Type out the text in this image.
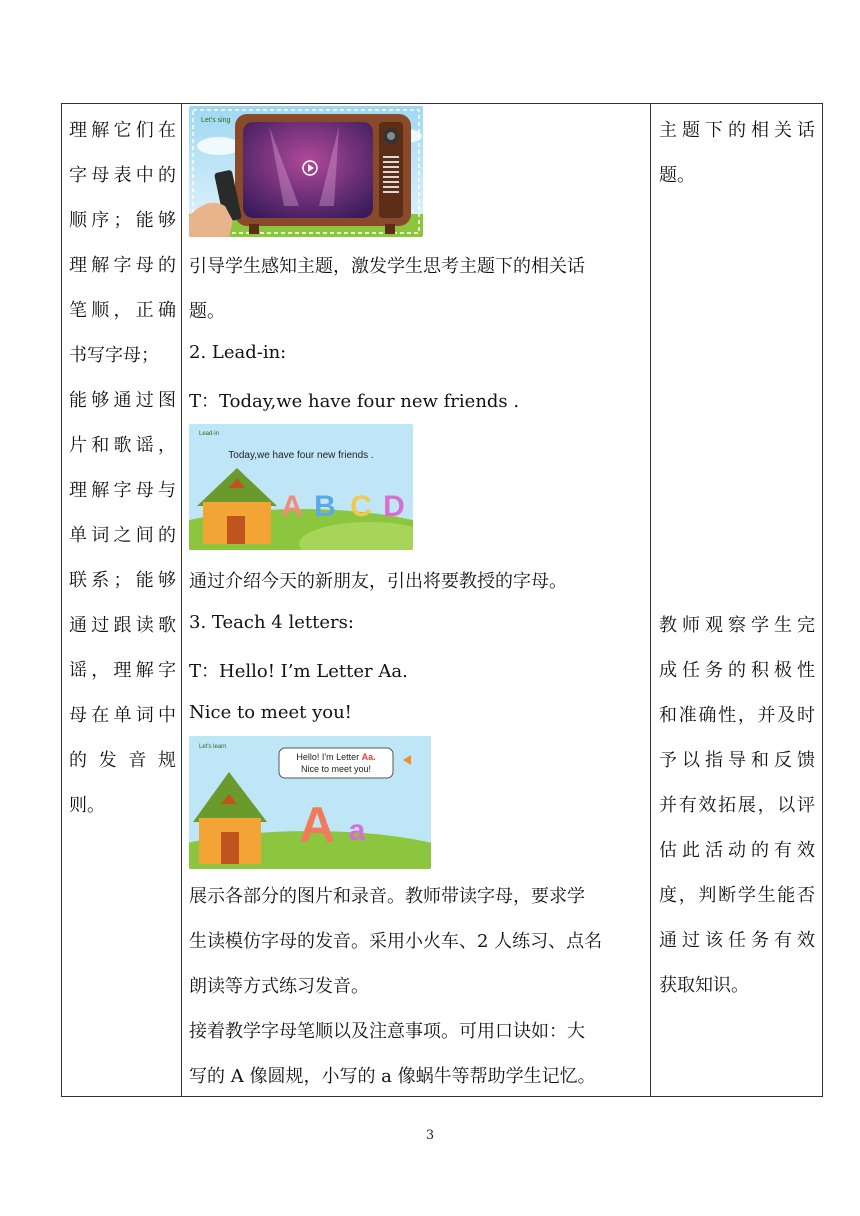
理解它们在
字母表中的
顺序；能够
理解字母的
笔顺，正确
书写字母；
能够通过图
片和歌谣，
理解字母与
单词之间的
联系；能够
通过跟读歌
谣，理解字
母在单词中
的 发 音 规
则。
Let's sing
引导学生感知主题，激发学生思考主题下的相关话
题。
2. Lead-in:
T：Today,we have four new friends .
A B C D
Lead-in
Today,we have four new friends .
通过介绍今天的新朋友，引出将要教授的字母。
3. Teach 4 letters:
T：Hello! I’m Letter Aa.
Nice to meet you!
Hello! I'm Letter Aa.
Nice to meet you!
A a
Let's learn
展示各部分的图片和录音。教师带读字母，要求学
生读模仿字母的发音。采用小火车、2 人练习、点名
朗读等方式练习发音。
接着教学字母笔顺以及注意事项。可用口诀如：大
写的 A 像圆规，小写的 a 像蜗牛等帮助学生记忆。
主题下的相关话
题。
教师观察学生完
成任务的积极性
和准确性，并及时
予以指导和反馈
并有效拓展，以评
估此活动的有效
度，判断学生能否
通过该任务有效
获取知识。
3
